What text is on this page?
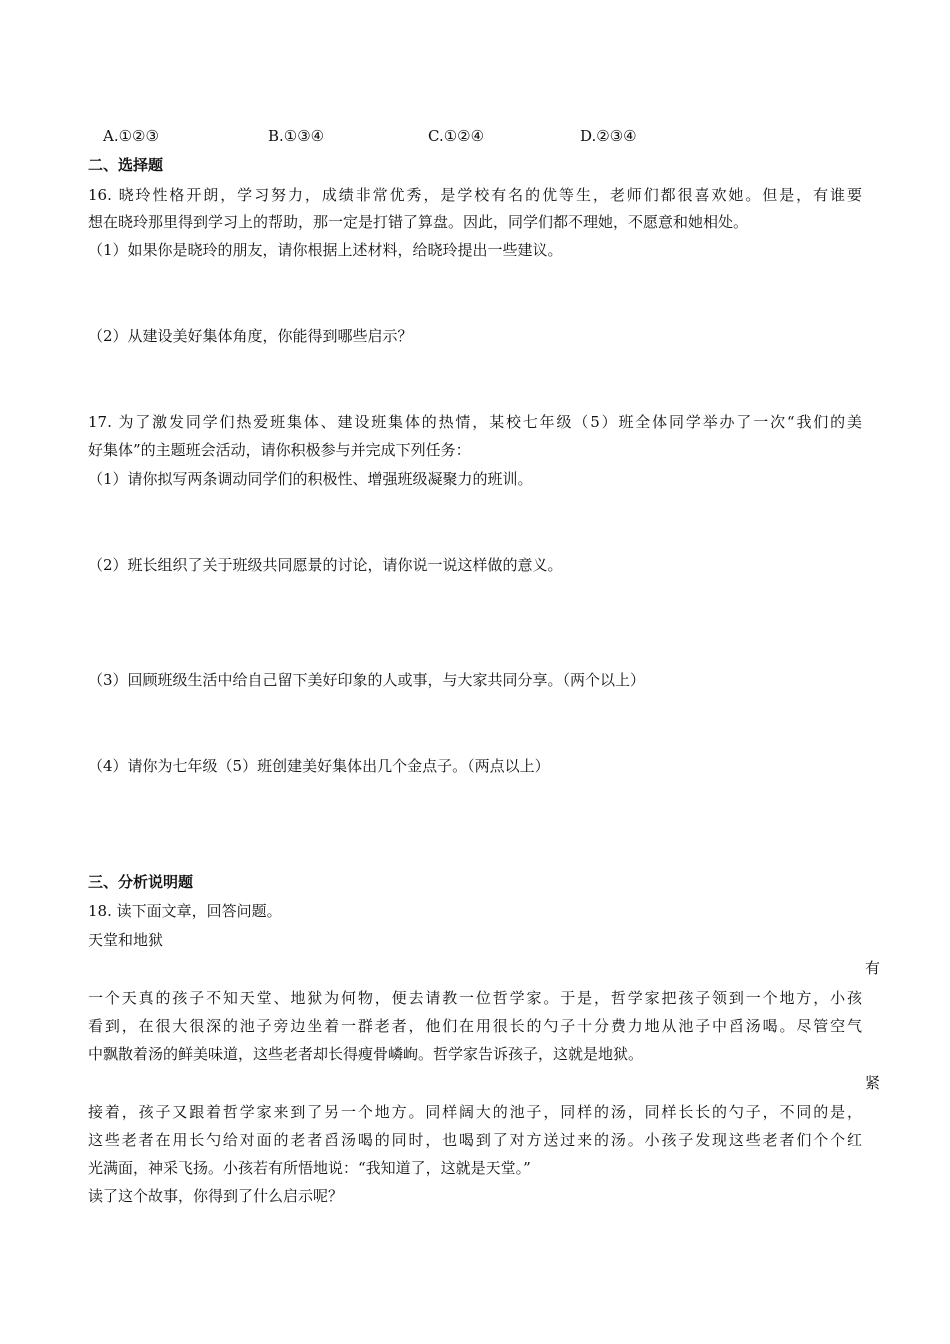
A.①②③	B.①③④	C.①②④	D.②③④
二、选择题
16. 晓玲性格开朗，学习努力，成绩非常优秀，是学校有名的优等生，老师们都很喜欢她。但是，有谁要
想在晓玲那里得到学习上的帮助，那一定是打错了算盘。因此，同学们都不理她，不愿意和她相处。
（1）如果你是晓玲的朋友，请你根据上述材料，给晓玲提出一些建议。
（2）从建设美好集体角度，你能得到哪些启示？
17. 为了激发同学们热爱班集体、建设班集体的热情，某校七年级（5）班全体同学举办了一次“我们的美
好集体”的主题班会活动，请你积极参与并完成下列任务：
（1）请你拟写两条调动同学们的积极性、增强班级凝聚力的班训。
（2）班长组织了关于班级共同愿景的讨论，请你说一说这样做的意义。
（3）回顾班级生活中给自己留下美好印象的人或事，与大家共同分享。（两个以上）
（4）请你为七年级（5）班创建美好集体出几个金点子。（两点以上）
三、分析说明题
18. 读下面文章，回答问题。
天堂和地狱
有
一个天真的孩子不知天堂、地狱为何物，便去请教一位哲学家。于是，哲学家把孩子领到一个地方，小孩
看到，在很大很深的池子旁边坐着一群老者，他们在用很长的勺子十分费力地从池子中舀汤喝。尽管空气
中飘散着汤的鲜美味道，这些老者却长得瘦骨嶙峋。哲学家告诉孩子，这就是地狱。
紧
接着，孩子又跟着哲学家来到了另一个地方。同样阔大的池子，同样的汤，同样长长的勺子，不同的是，
这些老者在用长勺给对面的老者舀汤喝的同时，也喝到了对方送过来的汤。小孩子发现这些老者们个个红
光满面，神采飞扬。小孩若有所悟地说：“我知道了，这就是天堂。”
读了这个故事，你得到了什么启示呢？
